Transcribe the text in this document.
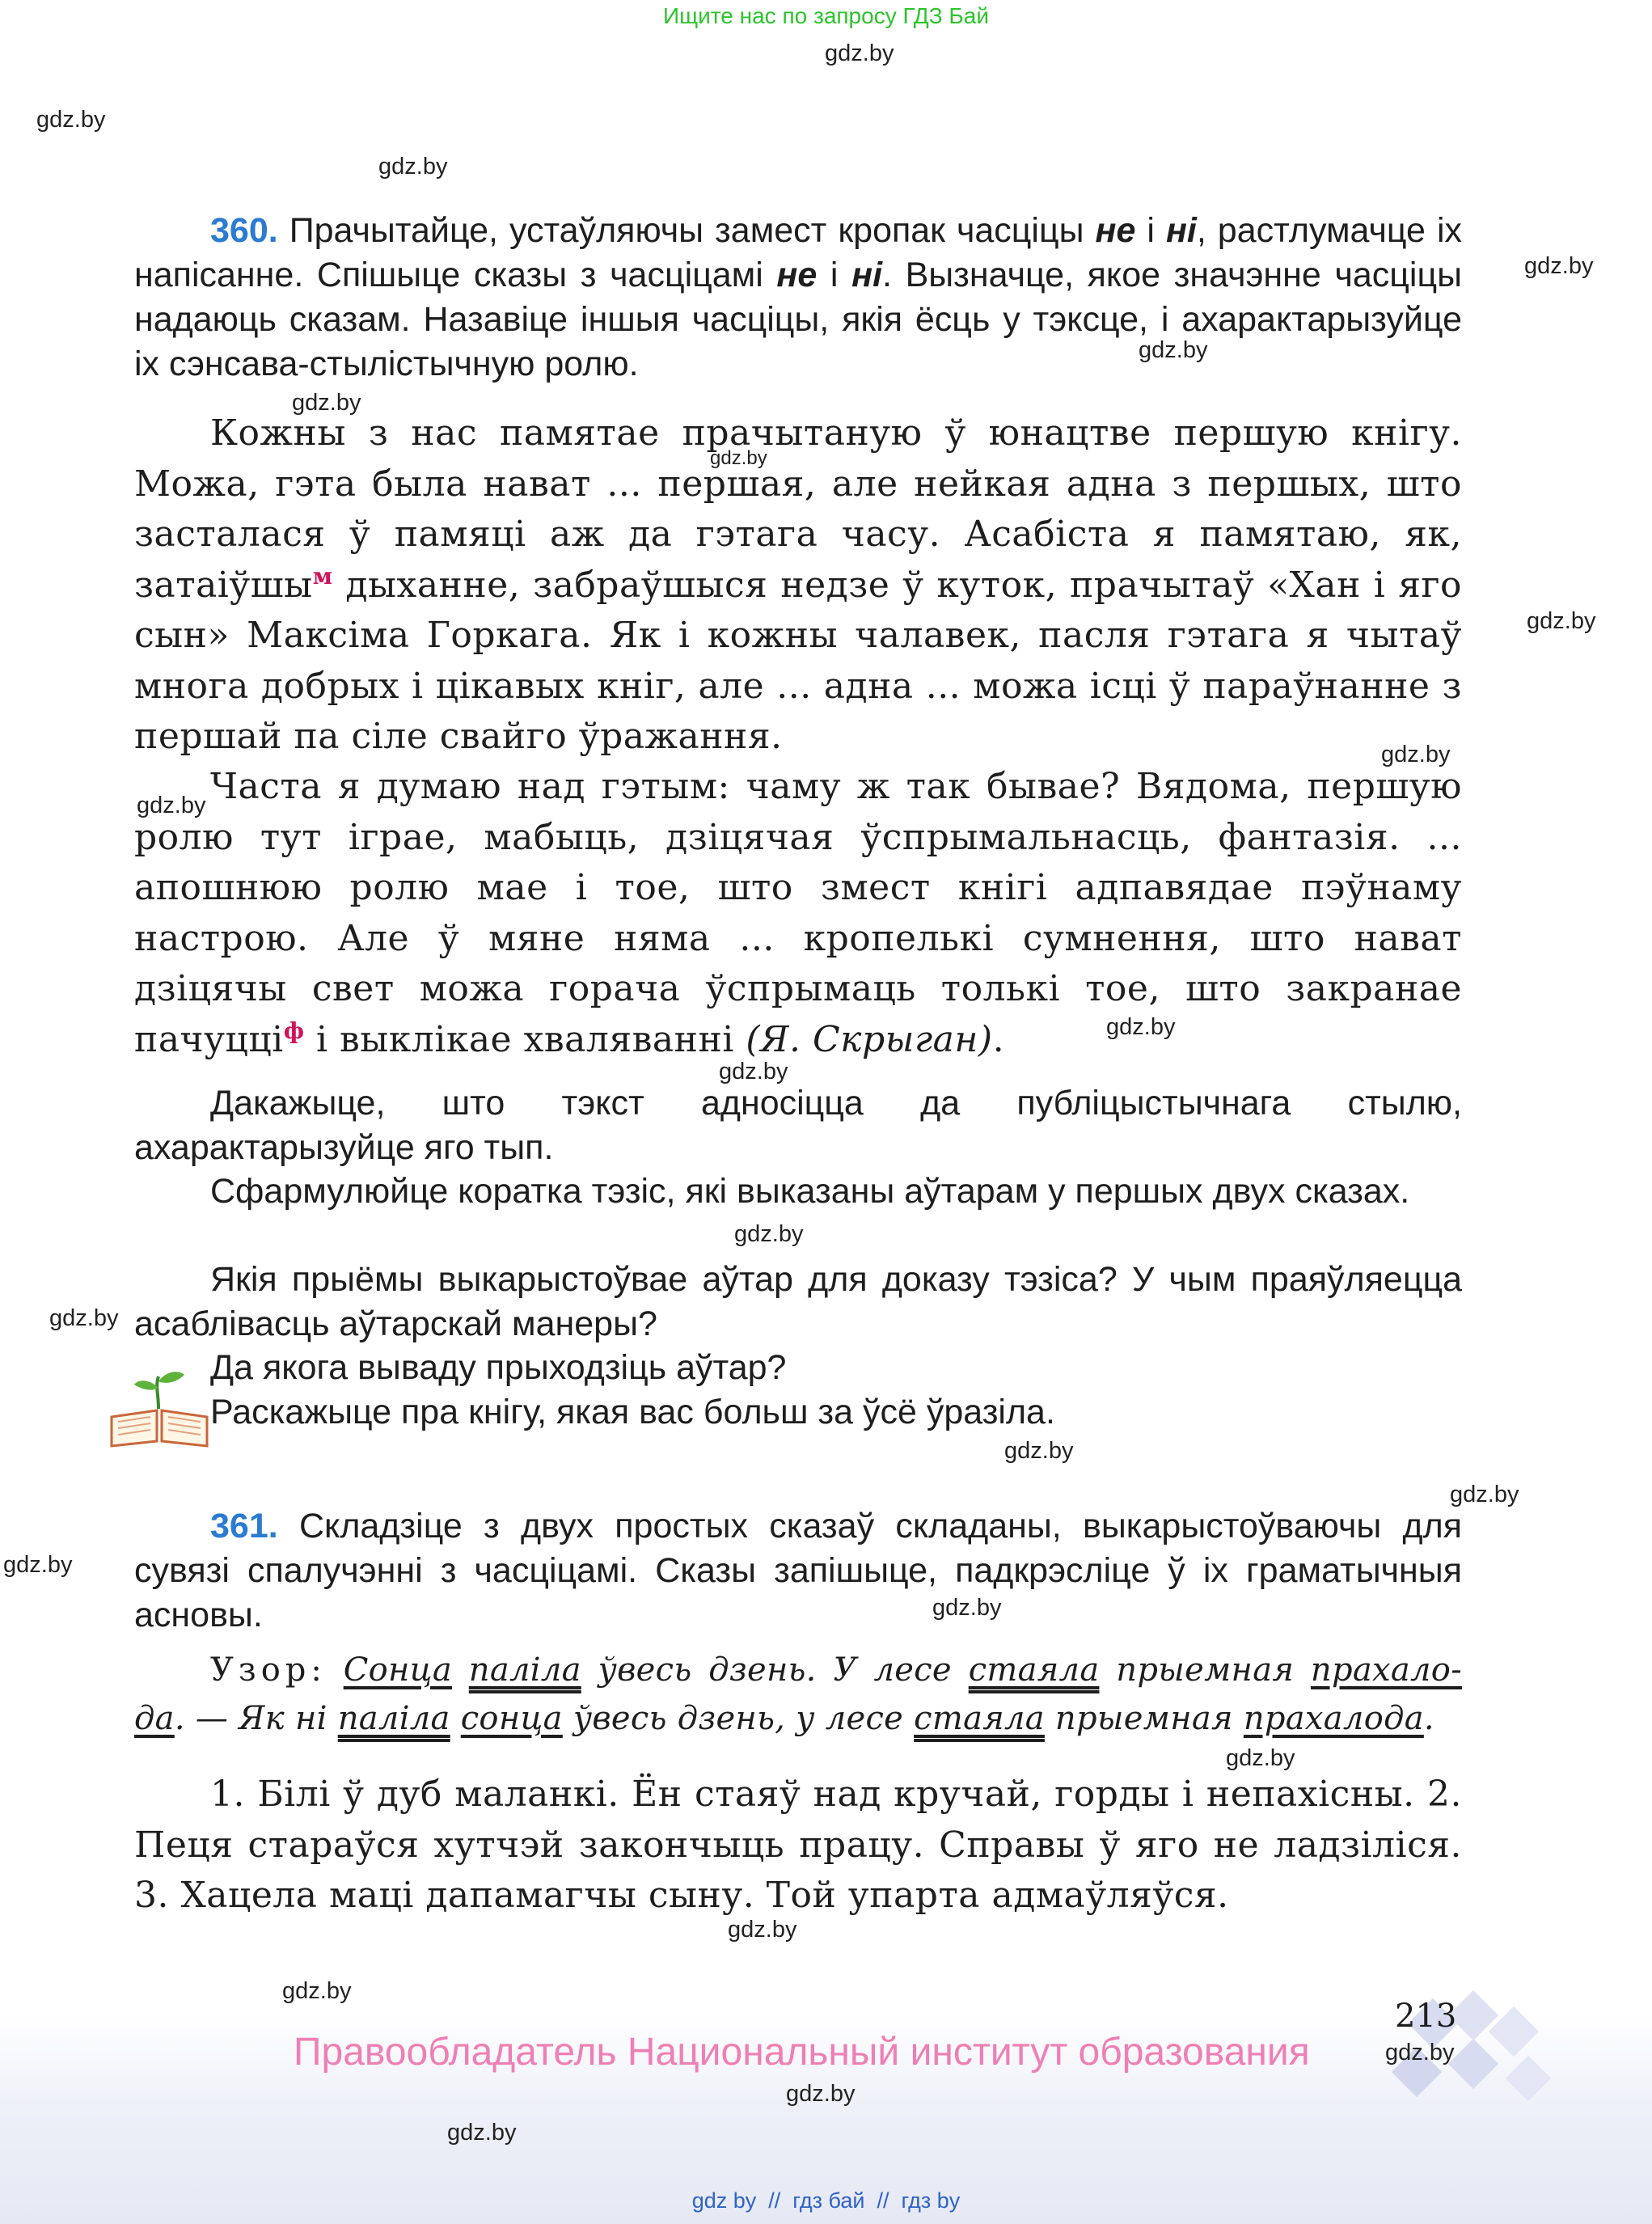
Ищите нас по запросу ГДЗ Бай
gdz.by
gdz.by
gdz.by
gdz.by
gdz.by
gdz.by
gdz.by
gdz.by
gdz.by
gdz.by
gdz.by
gdz.by
gdz.by
gdz.by
gdz.by
gdz.by
gdz.by
gdz.by
gdz.by
gdz.by
gdz.by

360. Прачытайце, устаўляючы замест кропак часціцы не і ні, растлумачце іх напісанне. Спішыце сказы з часціцамі не і ні. Вызначце, якое значэнне часціцы надаюць сказам. Назавіце іншыя часціцы, якія ёсць у тэксце, і ахарактарызуйце іх сэнсава-стылістычную ролю.

Кожны з нас памятае прачытаную ў юнацтве першую кнігу. Можа, гэта была нават ... першая, але нейкая адна з першых, што засталася ў памяці аж да гэтага часу. Асабіста я памятаю, як, затаіўшы$^м$ дыханне, забраўшыся недзе ў куток, прачытаў «Хан і яго сын» Максіма Горкага. Як і кожны чалавек, пасля гэтага я чытаў многа добрых і цікавых кніг, але ... адна ... можа ісці ў параўнанне з першай па сіле свайго ўражання.

Часта я думаю над гэтым: чаму ж так бывае? Вядома, першую ролю тут іграе, мабыць, дзіцячая ўспрымальнасць, фантазія. ... апошнюю ролю мае і тое, што змест кнігі адпавядае пэўнаму настрою. Але ў мяне няма ... кропелькі сумнення, што нават дзіцячы свет можа горача ўспрымаць толькі тое, што закранае пачуцці$^ф$ і выклікае хваляванні (Я. Скрыган).

Дакажыце, што тэкст адносіцца да публіцыстычнага стылю, ахарактарызуйце яго тып.

Сфармулюйце коратка тэзіс, які выказаны аўтарам у першых двух сказах.

Якія прыёмы выкарыстоўвае аўтар для доказу тэзіса? У чым праяўляецца асаблівасць аўтарскай манеры?

Да якога вываду прыходзіць аўтар?

Раскажыце пра кнігу, якая вас больш за ўсё ўразіла.

361. Складзіце з двух простых сказаў складаны, выкарыстоўваючы для сувязі спалучэнні з часціцамі. Сказы запішыце, падкрэсліце ў іх граматычныя асновы.

Узор: Сонца паліла ўвесь дзень. У лесе стаяла прыемная прахало- да. — Як ні паліла сонца ўвесь дзень, у лесе стаяла прыемная прахалода.

1. Білі ў дуб маланкі. Ён стаяў над кручай, горды і непахісны. 2. Пеця стараўся хутчэй закончыць працу. Справы ў яго не ладзіліся. 3. Хацела маці дапамагчы сыну. Той упарта адмаўляўся.

213
Правообладатель Национальный институт образования	gdz.by
gdz.by
gdz.by
gdz by  //  гдз бай  //  гдз by
